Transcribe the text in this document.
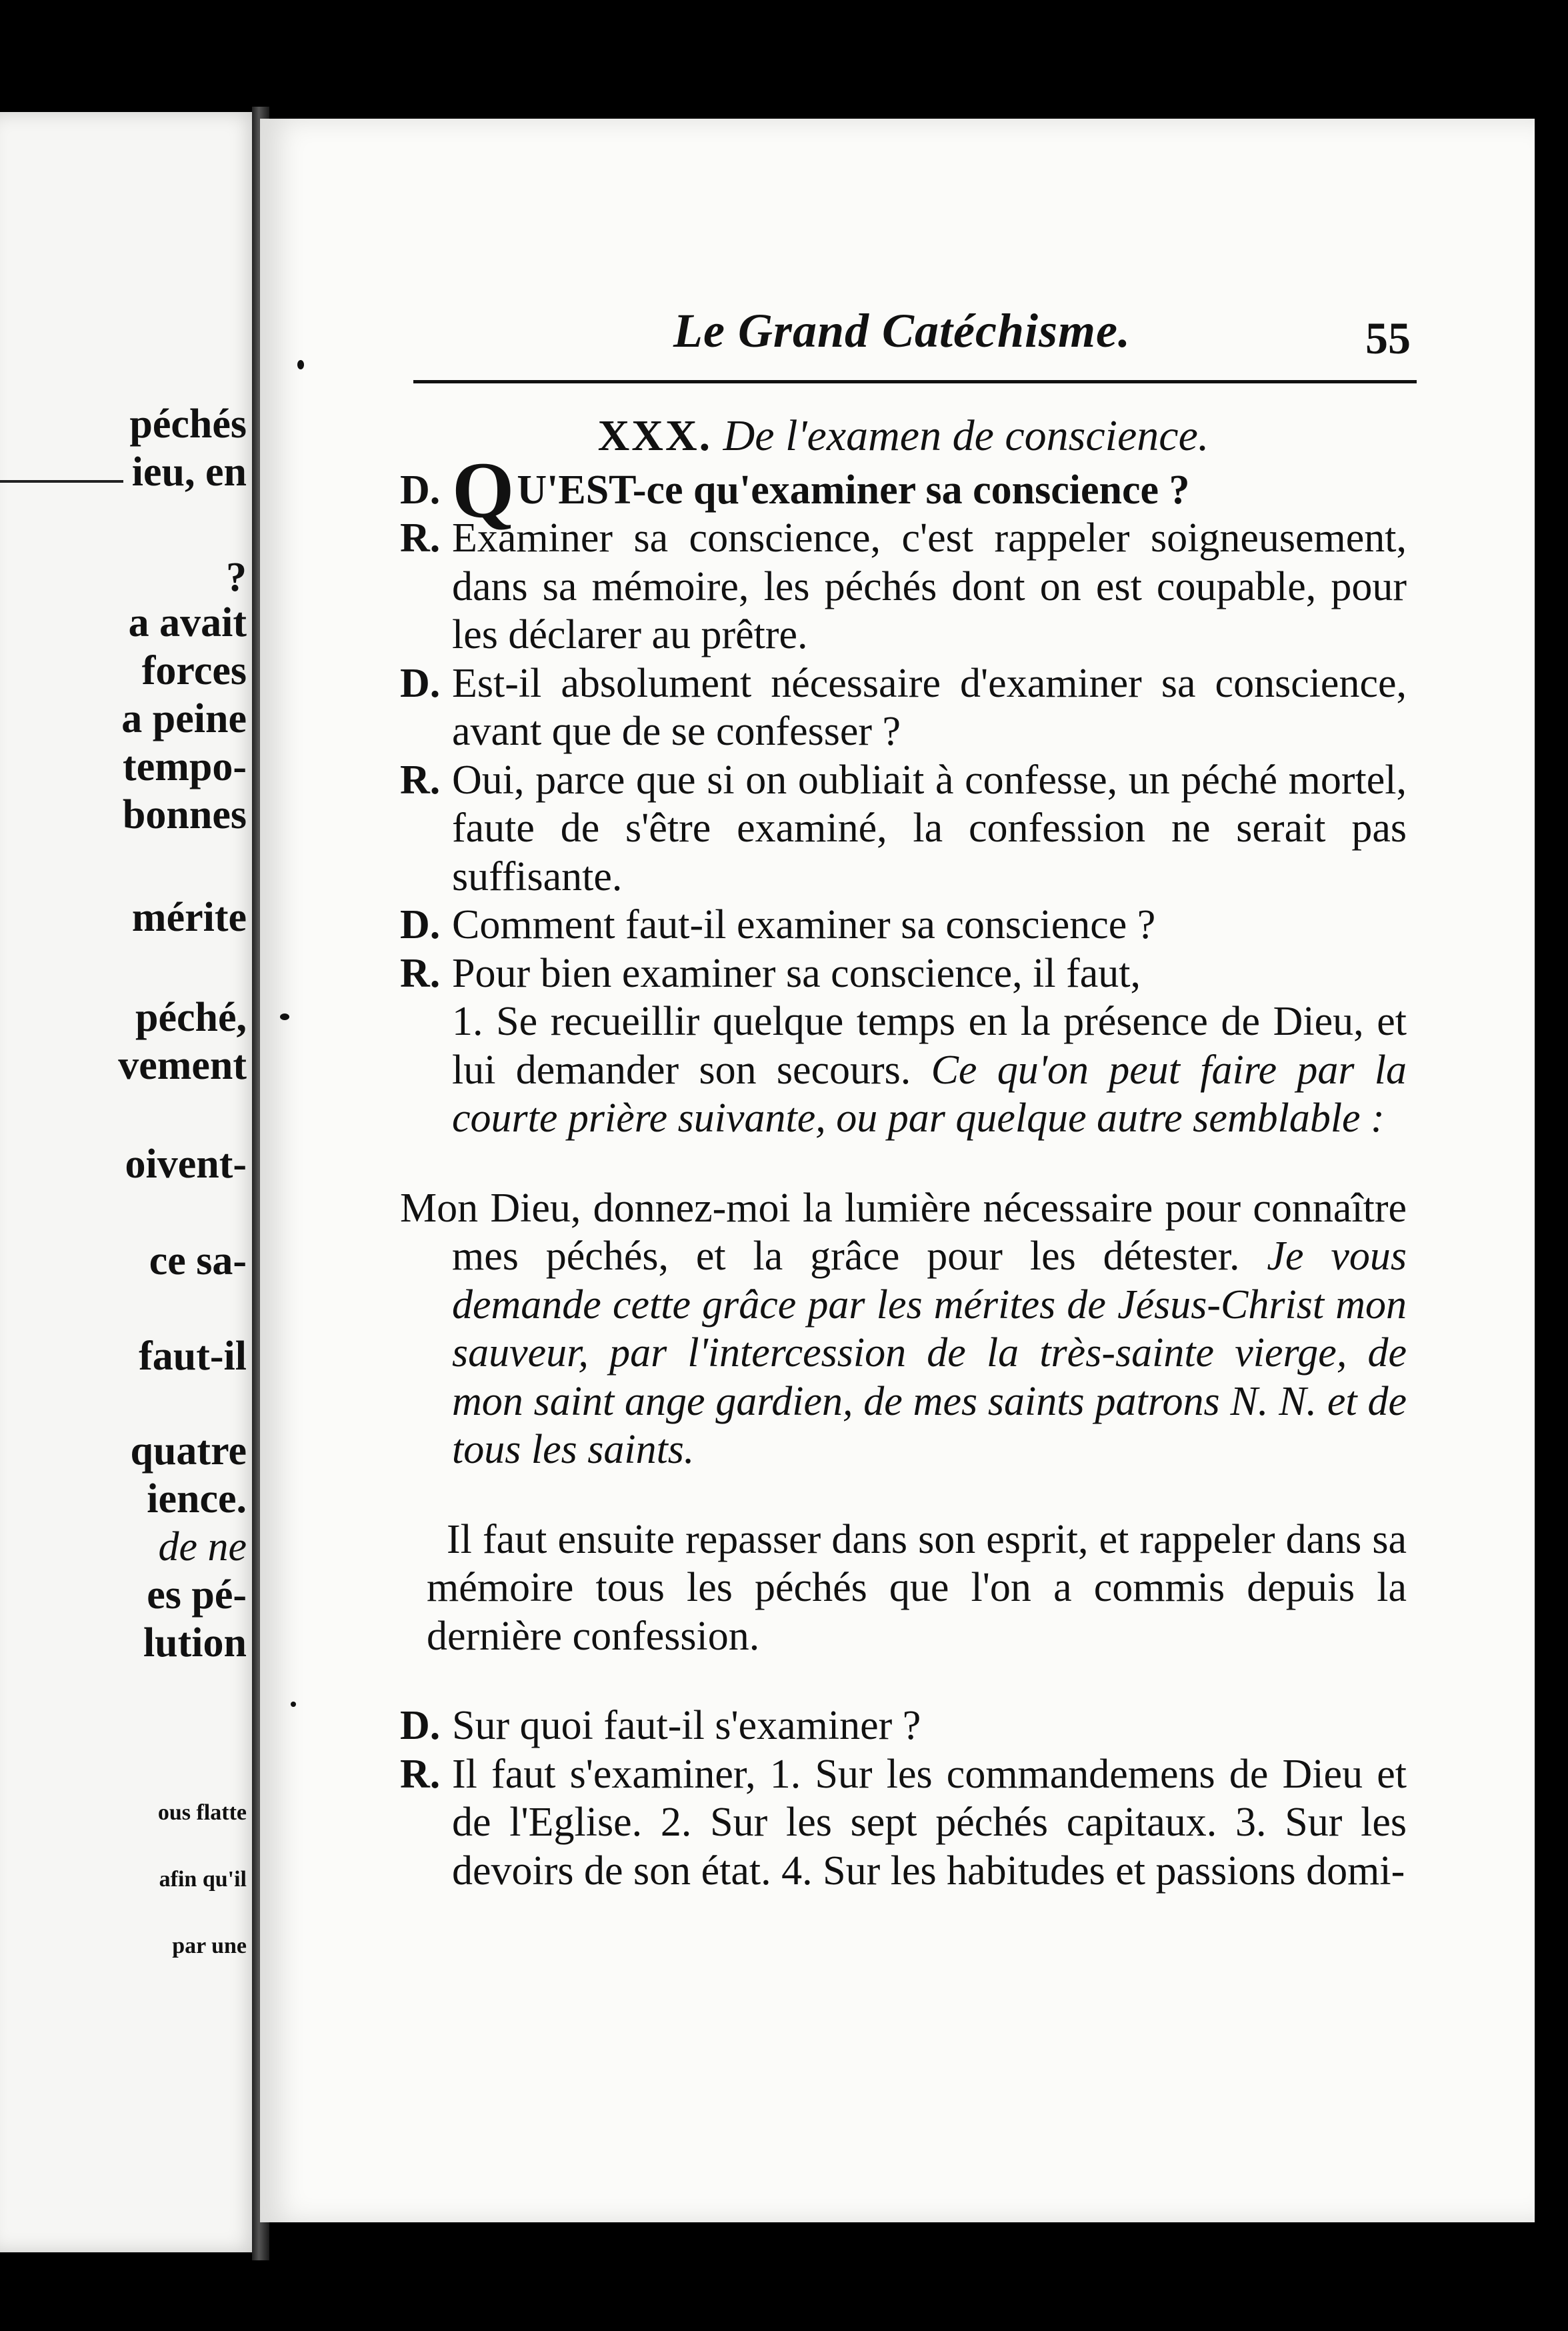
péchés
ieu, en
?
a avait
forces
a peine
tempo-
bonnes
mérite
péché,
vement
oivent-
ce sa-
faut-il
quatre
ience.
de ne
es pé-
lution
ous flatte
afin qu'il
par une
Le Grand Catéchisme.	55
XXX. De l'examen de conscience.

D. QU'EST-ce qu'examiner sa conscience ?

R. Examiner sa conscience, c'est rappeler soigneusement, dans sa mémoire, les péchés dont on est coupable, pour les déclarer au prêtre.

D. Est-il absolument nécessaire d'examiner sa conscience, avant que de se confesser ?

R. Oui, parce que si on oubliait à confesse, un péché mortel, faute de s'être examiné, la confession ne serait pas suffisante.

D. Comment faut-il examiner sa conscience ?

R. Pour bien examiner sa conscience, il faut,

1. Se recueillir quelque temps en la présence de Dieu, et lui demander son secours. Ce qu'on peut faire par la courte prière suivante, ou par quelque autre semblable :

Mon Dieu, donnez-moi la lumière nécessaire pour connaître mes péchés, et la grâce pour les détester. Je vous demande cette grâce par les mérites de Jésus-Christ mon sauveur, par l'intercession de la très-sainte vierge, de mon saint ange gardien, de mes saints patrons N. N. et de tous les saints.

Il faut ensuite repasser dans son esprit, et rappeler dans sa mémoire tous les péchés que l'on a commis depuis la dernière confession.

D. Sur quoi faut-il s'examiner ?

R. Il faut s'examiner, 1. Sur les commandemens de Dieu et de l'Eglise. 2. Sur les sept péchés capitaux. 3. Sur les devoirs de son état. 4. Sur les habitudes et passions domi-
